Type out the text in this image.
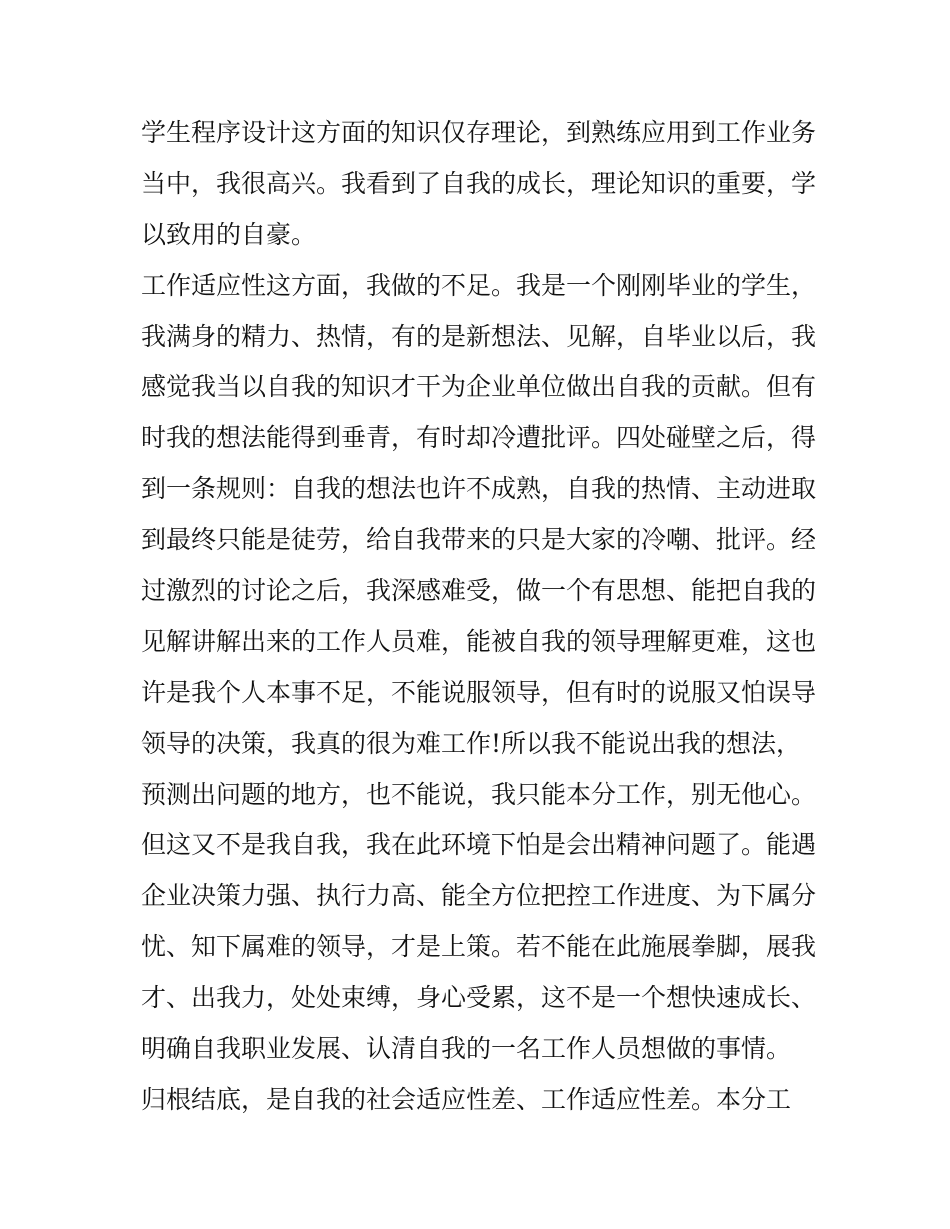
学生程序设计这方面的知识仅存理论，到熟练应用到工作业务
当中，我很高兴。我看到了自我的成长，理论知识的重要，学
以致用的自豪。
工作适应性这方面，我做的不足。我是一个刚刚毕业的学生，
我满身的精力、热情，有的是新想法、见解，自毕业以后，我
感觉我当以自我的知识才干为企业单位做出自我的贡献。但有
时我的想法能得到垂青，有时却冷遭批评。四处碰壁之后，得
到一条规则：自我的想法也许不成熟，自我的热情、主动进取
到最终只能是徒劳，给自我带来的只是大家的冷嘲、批评。经
过激烈的讨论之后，我深感难受，做一个有思想、能把自我的
见解讲解出来的工作人员难，能被自我的领导理解更难，这也
许是我个人本事不足，不能说服领导，但有时的说服又怕误导
领导的决策，我真的很为难工作!所以我不能说出我的想法，
预测出问题的地方，也不能说，我只能本分工作，别无他心。
但这又不是我自我，我在此环境下怕是会出精神问题了。能遇
企业决策力强、执行力高、能全方位把控工作进度、为下属分
忧、知下属难的领导，才是上策。若不能在此施展拳脚，展我
才、出我力，处处束缚，身心受累，这不是一个想快速成长、
明确自我职业发展、认清自我的一名工作人员想做的事情。
归根结底，是自我的社会适应性差、工作适应性差。本分工
